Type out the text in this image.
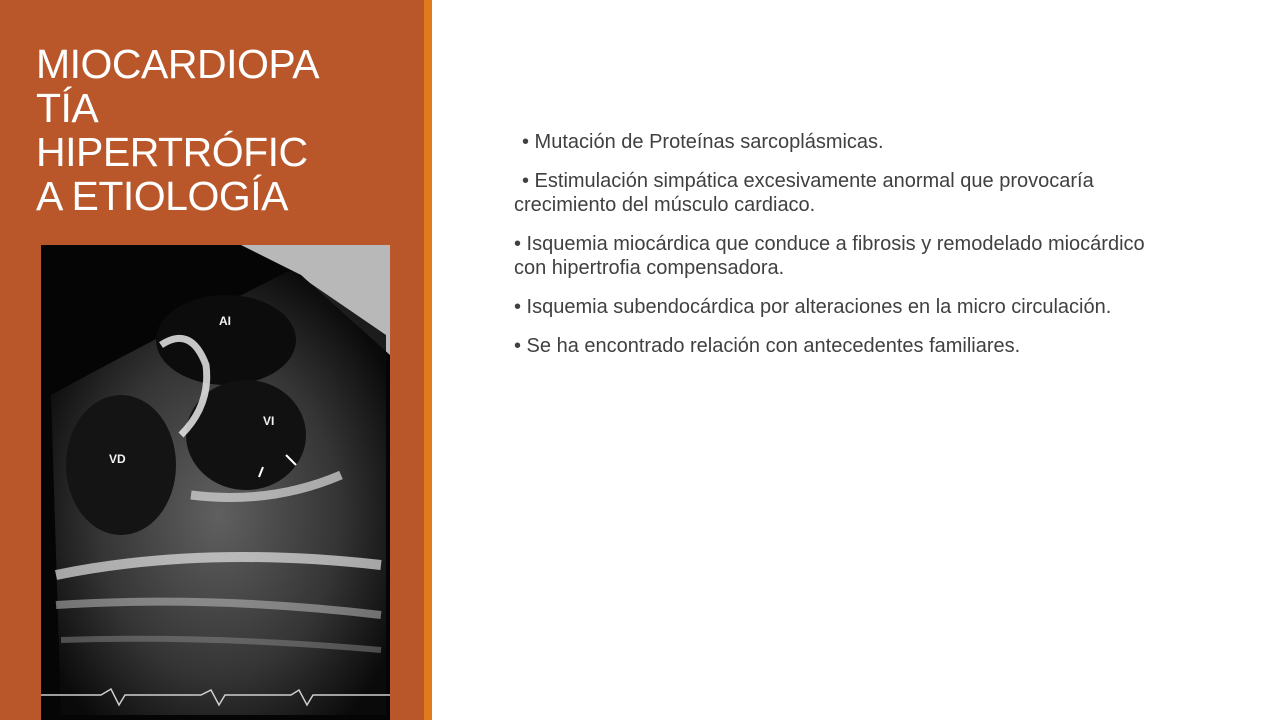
MIOCARDIOPA
TÍA
HIPERTRÓFIC
A ETIOLOGÍA
AI
VI
VD

• Mutación de Proteínas sarcoplásmicas.

• Estimulación simpática excesivamente anormal que provocaría crecimiento del músculo cardiaco.

• Isquemia miocárdica que conduce a fibrosis y remodelado miocárdico con hipertrofia compensadora.

• Isquemia subendocárdica por alteraciones en la micro circulación.

• Se ha encontrado relación con antecedentes familiares.
